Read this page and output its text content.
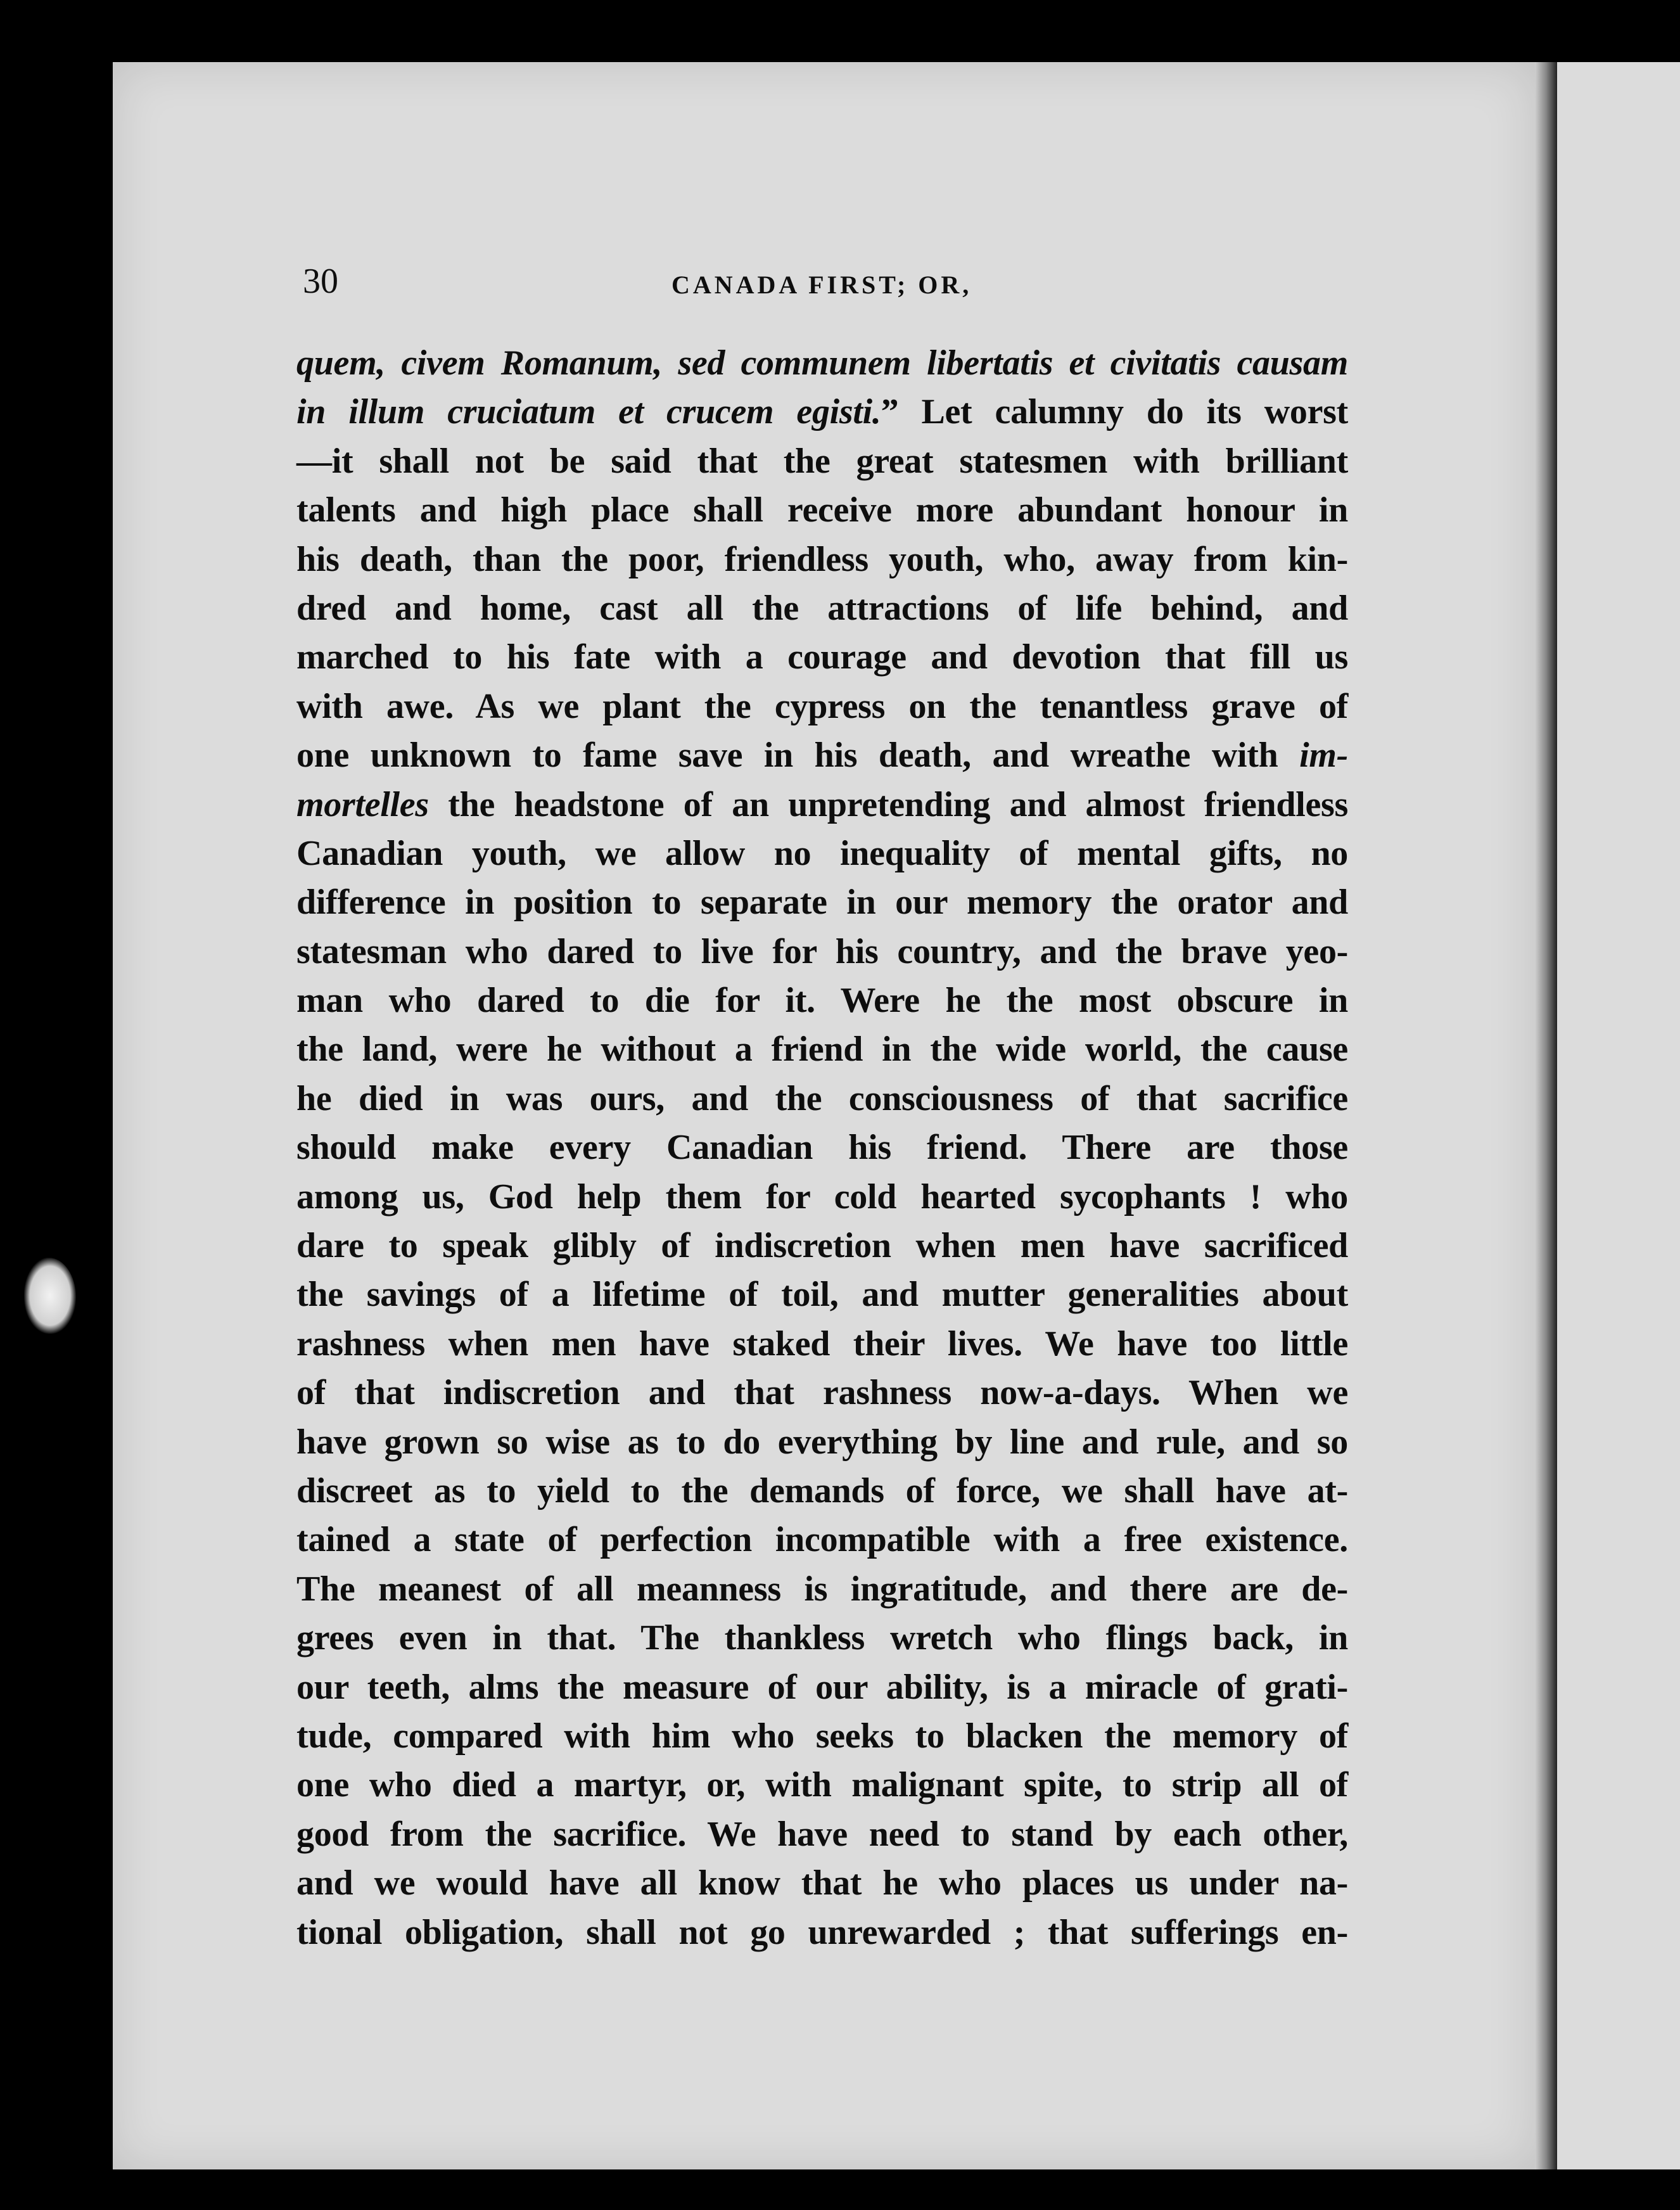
30	CANADA FIRST; OR,
quem, civem Romanum, sed communem libertatis et civitatis causam
in illum cruciatum et crucem egisti.” Let calumny do its worst
—it shall not be said that the great statesmen with brilliant
talents and high place shall receive more abundant honour in
his death, than the poor, friendless youth, who, away from kin-
dred and home, cast all the attractions of life behind, and
marched to his fate with a courage and devotion that fill us
with awe. As we plant the cypress on the tenantless grave of
one unknown to fame save in his death, and wreathe with im-
mortelles the headstone of an unpretending and almost friendless
Canadian youth, we allow no inequality of mental gifts, no
difference in position to separate in our memory the orator and
statesman who dared to live for his country, and the brave yeo-
man who dared to die for it. Were he the most obscure in
the land, were he without a friend in the wide world, the cause
he died in was ours, and the consciousness of that sacrifice
should make every Canadian his friend. There are those
among us, God help them for cold hearted sycophants ! who
dare to speak glibly of indiscretion when men have sacrificed
the savings of a lifetime of toil, and mutter generalities about
rashness when men have staked their lives. We have too little
of that indiscretion and that rashness now-a-days. When we
have grown so wise as to do everything by line and rule, and so
discreet as to yield to the demands of force, we shall have at-
tained a state of perfection incompatible with a free existence.
The meanest of all meanness is ingratitude, and there are de-
grees even in that. The thankless wretch who flings back, in
our teeth, alms the measure of our ability, is a miracle of grati-
tude, compared with him who seeks to blacken the memory of
one who died a martyr, or, with malignant spite, to strip all of
good from the sacrifice. We have need to stand by each other,
and we would have all know that he who places us under na-
tional obligation, shall not go unrewarded ; that sufferings en-
